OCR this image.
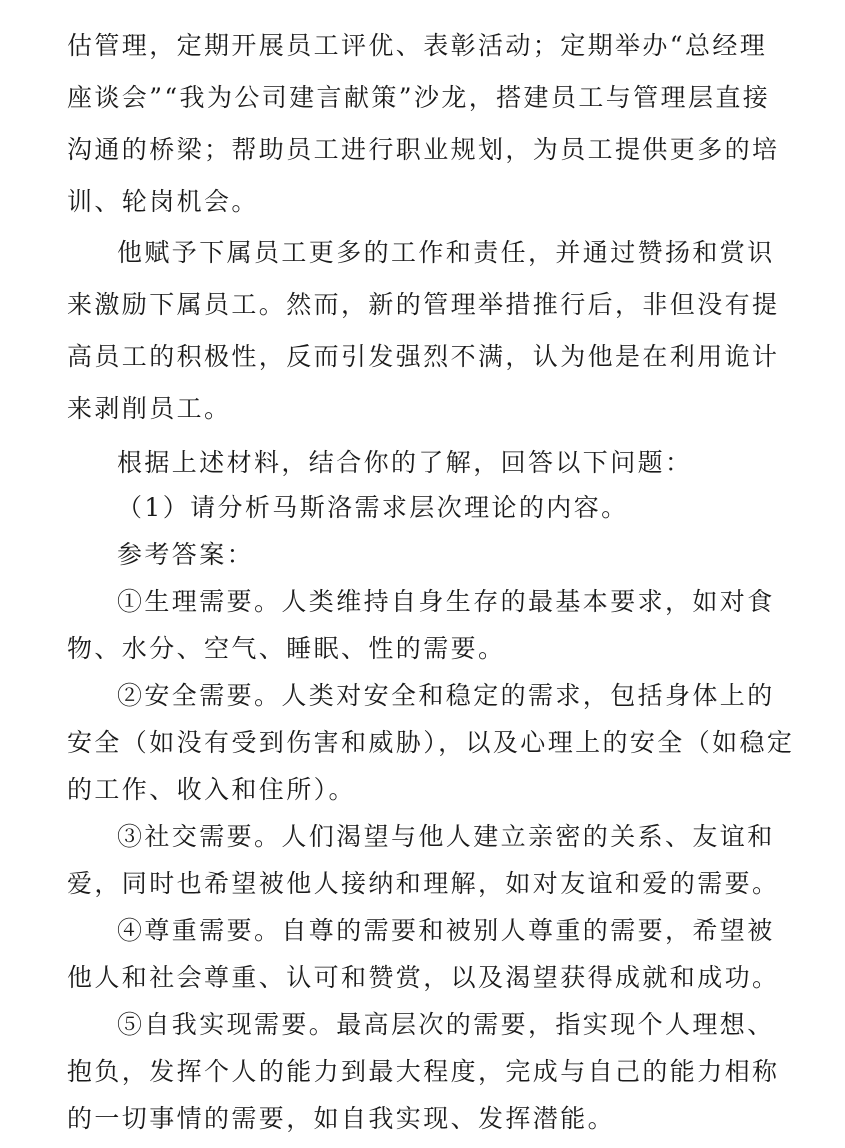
估管理，定期开展员工评优、表彰活动；定期举办“总经理
座谈会”“我为公司建言献策”沙龙，搭建员工与管理层直接
沟通的桥梁；帮助员工进行职业规划，为员工提供更多的培
训、轮岗机会。
他赋予下属员工更多的工作和责任，并通过赞扬和赏识
来激励下属员工。然而，新的管理举措推行后，非但没有提
高员工的积极性，反而引发强烈不满，认为他是在利用诡计
来剥削员工。
根据上述材料，结合你的了解，回答以下问题：
（1）请分析马斯洛需求层次理论的内容。
参考答案：
①生理需要。人类维持自身生存的最基本要求，如对食
物、水分、空气、睡眠、性的需要。
②安全需要。人类对安全和稳定的需求，包括身体上的
安全（如没有受到伤害和威胁），以及心理上的安全（如稳定
的工作、收入和住所）。
③社交需要。人们渴望与他人建立亲密的关系、友谊和
爱，同时也希望被他人接纳和理解，如对友谊和爱的需要。
④尊重需要。自尊的需要和被别人尊重的需要，希望被
他人和社会尊重、认可和赞赏，以及渴望获得成就和成功。
⑤自我实现需要。最高层次的需要，指实现个人理想、
抱负，发挥个人的能力到最大程度，完成与自己的能力相称
的一切事情的需要，如自我实现、发挥潜能。
